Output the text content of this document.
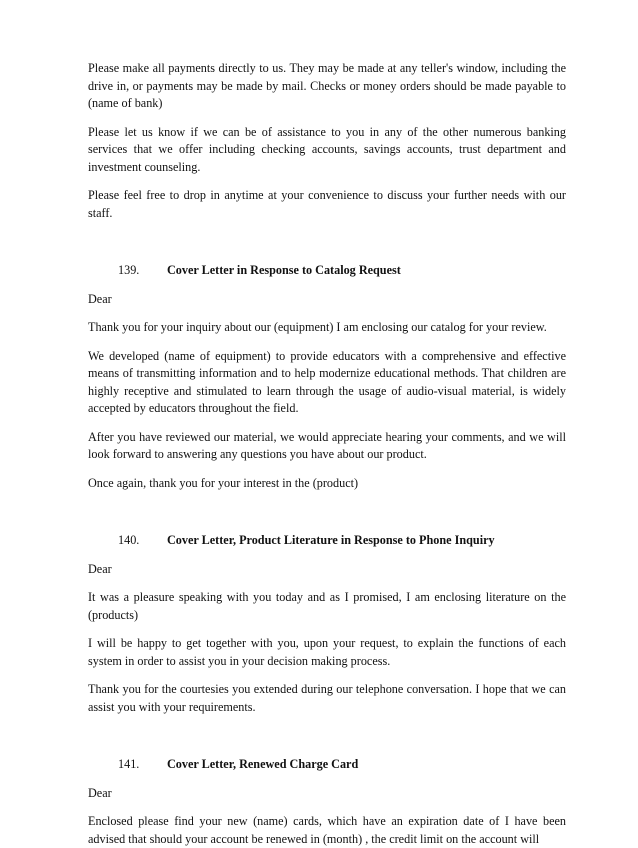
Please make all payments directly to us. They may be made at any teller's window, including the drive in, or payments may be made by mail. Checks or money orders should be made payable to (name of bank)

Please let us know if we can be of assistance to you in any of the other numerous banking services that we offer including checking accounts, savings accounts, trust department and investment counseling.

Please feel free to drop in anytime at your convenience to discuss your further needs with our staff.

139.	Cover Letter in Response to Catalog Request

Dear

Thank you for your inquiry about our (equipment) I am enclosing our catalog for your review.

We developed (name of equipment) to provide educators with a comprehensive and effective means of transmitting information and to help modernize educational methods. That children are highly receptive and stimulated to learn through the usage of audio-visual material, is widely accepted by educators throughout the field.

After you have reviewed our material, we would appreciate hearing your comments, and we will look forward to answering any questions you have about our product.

Once again, thank you for your interest in the (product)

140.	Cover Letter, Product Literature in Response to Phone Inquiry

Dear

It was a pleasure speaking with you today and as I promised, I am enclosing literature on the (products)

I will be happy to get together with you, upon your request, to explain the functions of each system in order to assist you in your decision making process.

Thank you for the courtesies you extended during our telephone conversation. I hope that we can assist you with your requirements.

141.	Cover Letter, Renewed Charge Card

Dear

Enclosed please find your new (name) cards, which have an expiration date of I have been advised that should your account be renewed in (month) , the credit limit on the account will
